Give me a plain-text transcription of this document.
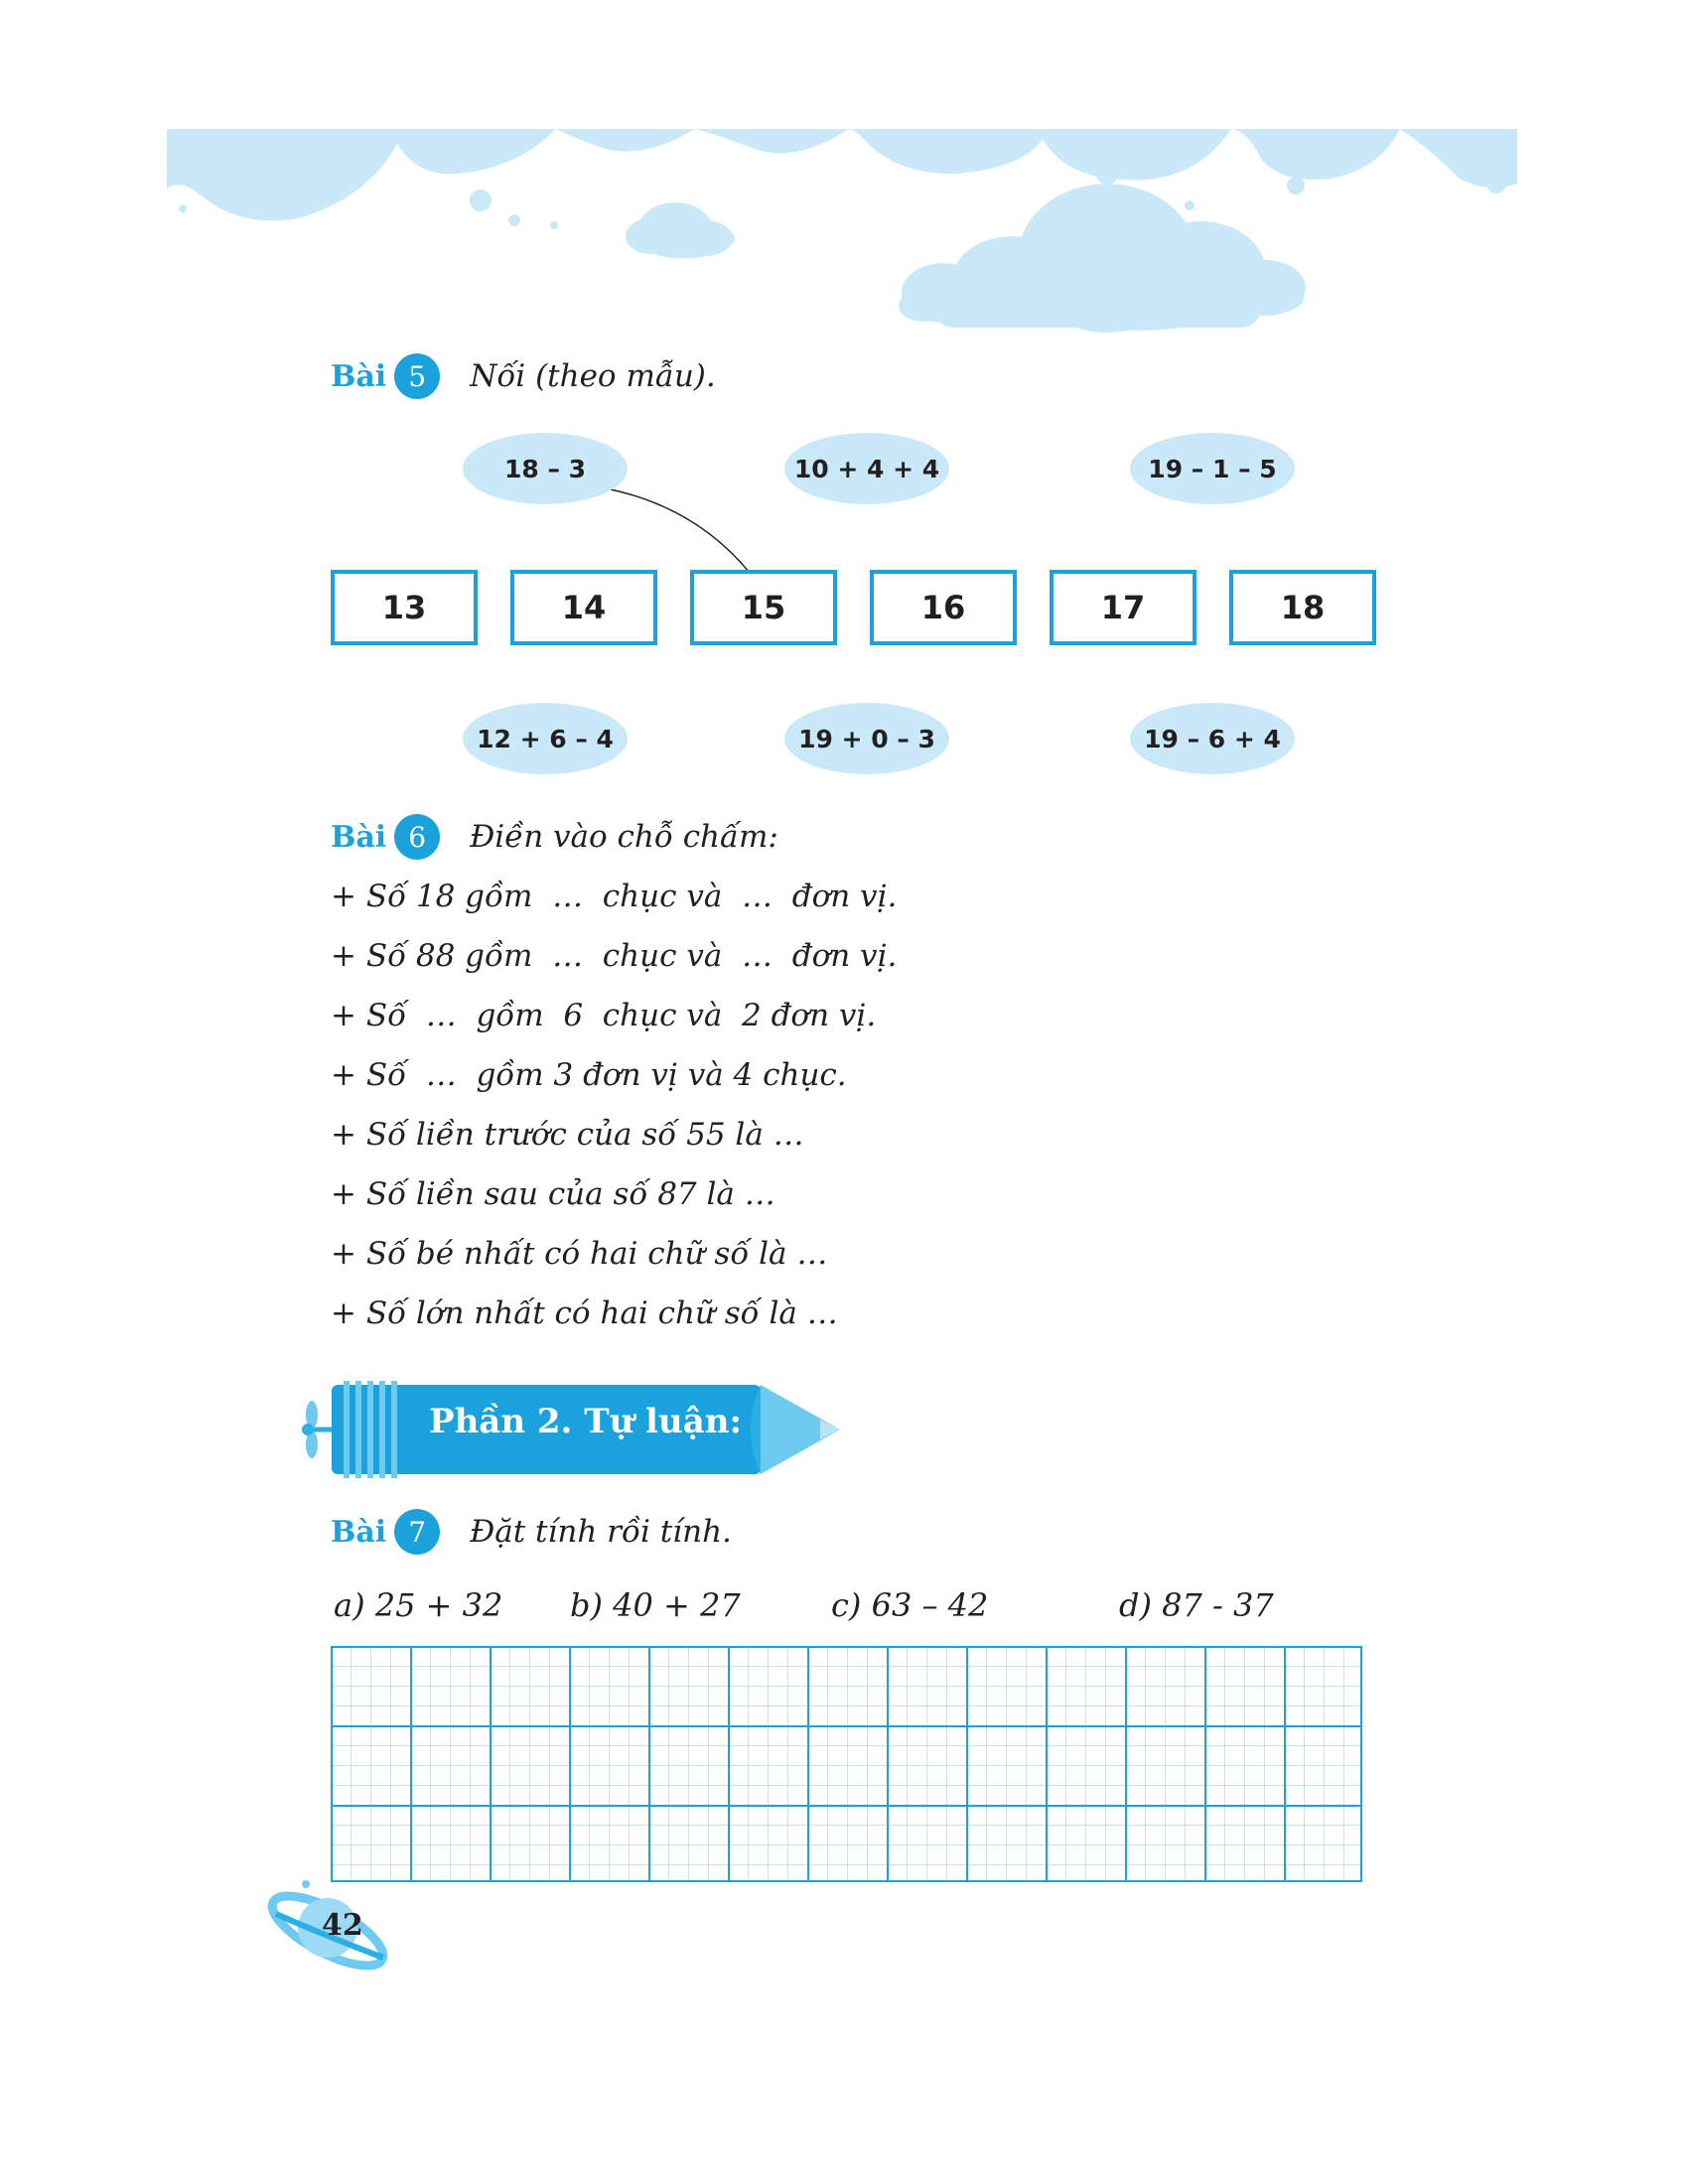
Bài 5	Nối (theo mẫu).
18 – 3	10 + 4 + 4	19 – 1 – 5
13	14	15	16	17	18
12 + 6 – 4	19 + 0 – 3	19 – 6 + 4
Bài 6	Điền vào chỗ chấm:
+ Số 18 gồm  …  chục và  …  đơn vị.
+ Số 88 gồm  …  chục và  …  đơn vị.
+ Số  …  gồm  6  chục và  2 đơn vị.
+ Số  …  gồm 3 đơn vị và 4 chục.
+ Số liền trước của số 55 là …
+ Số liền sau của số 87 là …
+ Số bé nhất có hai chữ số là …
+ Số lớn nhất có hai chữ số là …
Phần 2. Tự luận:
Bài 7	Đặt tính rồi tính.
a) 25 + 32 b) 40 + 27	c) 63 – 42	d) 87 - 37
42
